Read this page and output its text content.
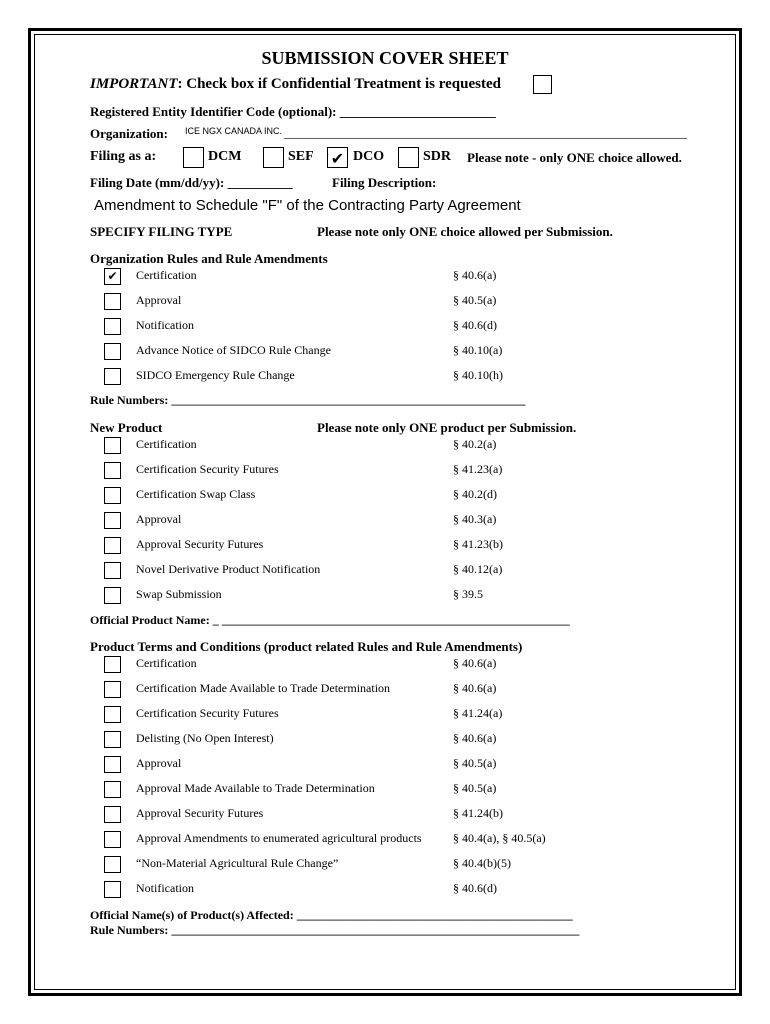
SUBMISSION COVER SHEET
IMPORTANT: Check box if Confidential Treatment is requested
Registered Entity Identifier Code (optional): ________________________
Organization: ICE NGX CANADA INC. ______________________________________________________________
Filing as a:	DCM	SEF ✔ DCO	SDR Please note - only ONE choice allowed.
Filing Date (mm/dd/yy): __________	Filing Description:
Amendment to Schedule "F" of the Contracting Party Agreement
SPECIFY FILING TYPE	Please note only ONE choice allowed per Submission.
Organization Rules and Rule Amendments
✔ Certification	§ 40.6(a)
Approval	§ 40.5(a)
Notification	§ 40.6(d)
Advance Notice of SIDCO Rule Change	§ 40.10(a)
SIDCO Emergency Rule Change	§ 40.10(h)
Rule Numbers: ___________________________________________________________
New Product	Please note only ONE product per Submission.
Certification	§ 40.2(a)
Certification Security Futures	§ 41.23(a)
Certification Swap Class	§ 40.2(d)
Approval	§ 40.3(a)
Approval Security Futures	§ 41.23(b)
Novel Derivative Product Notification	§ 40.12(a)
Swap Submission	§ 39.5
Official Product Name: _ __________________________________________________________
Product Terms and Conditions (product related Rules and Rule Amendments)
Certification	§ 40.6(a)
Certification Made Available to Trade Determination	§ 40.6(a)
Certification Security Futures	§ 41.24(a)
Delisting (No Open Interest)	§ 40.6(a)
Approval	§ 40.5(a)
Approval Made Available to Trade Determination	§ 40.5(a)
Approval Security Futures	§ 41.24(b)
Approval Amendments to enumerated agricultural products	§ 40.4(a), § 40.5(a)
“Non-Material Agricultural Rule Change”	§ 40.4(b)(5)
Notification	§ 40.6(d)
Official Name(s) of Product(s) Affected: ______________________________________________
Rule Numbers: ____________________________________________________________________
